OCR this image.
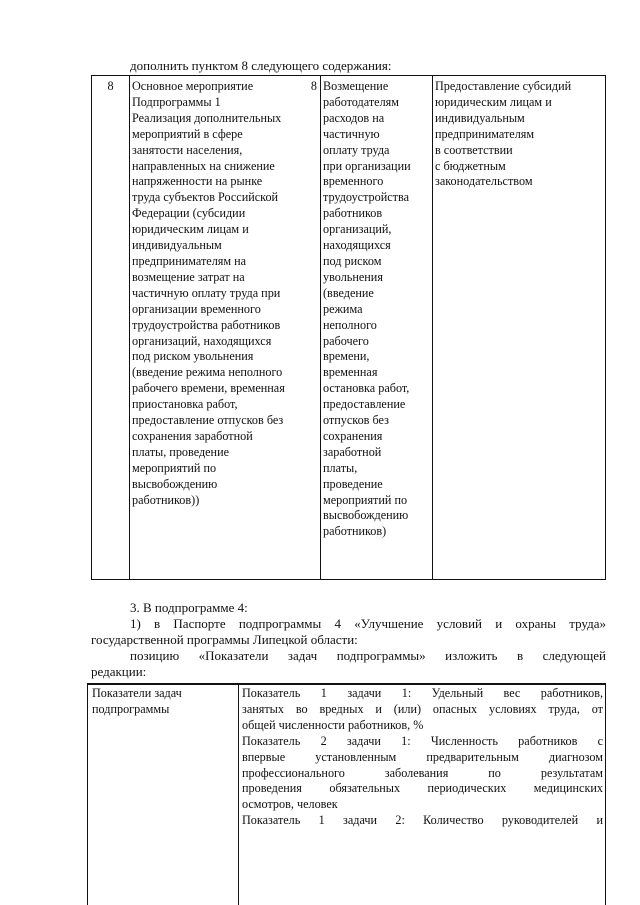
дополнить пунктом 8 следующего содержания:
8	Основное мероприятие	8
Подпрограммы 1
Реализация дополнительных
мероприятий в сфере
занятости населения,
направленных на снижение
напряженности на рынке
труда субъектов Российской
Федерации (субсидии
юридическим лицам и
индивидуальным
предпринимателям на
возмещение затрат на
частичную оплату труда при
организации временного
трудоустройства работников
организаций, находящихся
под риском увольнения
(введение режима неполного
рабочего времени, временная
приостановка работ,
предоставление отпусков без
сохранения заработной
платы, проведение
мероприятий по
высвобождению
работников))
Возмещение
работодателям
расходов на
частичную
оплату труда
при организации
временного
трудоустройства
работников
организаций,
находящихся
под риском
увольнения
(введение
режима
неполного
рабочего
времени,
временная
остановка работ,
предоставление
отпусков без
сохранения
заработной
платы,
проведение
мероприятий по
высвобождению
работников)
Предоставление субсидий
юридическим лицам и
индивидуальным
предпринимателям
в соответствии
с бюджетным
законодательством
3. В подпрограмме 4:
1) в Паспорте подпрограммы 4 «Улучшение условий и охраны труда»
государственной программы Липецкой области:
позицию «Показатели задач подпрограммы» изложить в следующей
редакции:
Показатели задач
подпрограммы
Показатель 1 задачи 1: Удельный вес работников,
занятых во вредных и (или) опасных условиях труда, от
общей численности работников, %
Показатель 2 задачи 1: Численность работников с
впервые установленным предварительным диагнозом
профессионального заболевания по результатам
проведения обязательных периодических медицинских
осмотров, человек
Показатель 1 задачи 2: Количество руководителей и
